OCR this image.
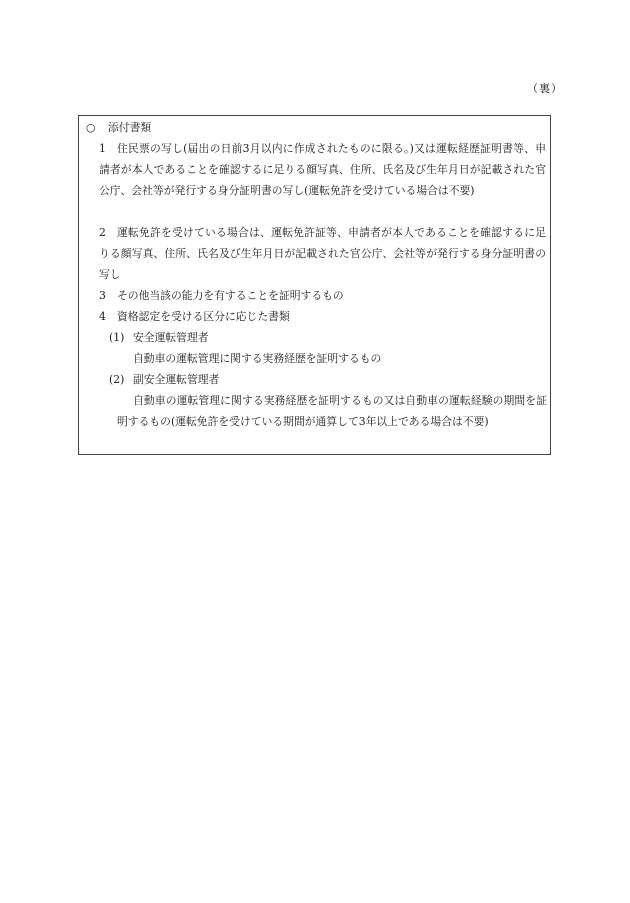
（裏）
○ 添付書類
1	住民票の写し(届出の日前3月以内に作成されたものに限る。)又は運転経歴証明書等、申請者が本人であることを確認するに足りる顔写真、住所、氏名及び生年月日が記載された官公庁、会社等が発行する身分証明書の写し(運転免許を受けている場合は不要)
2	運転免許を受けている場合は、運転免許証等、申請者が本人であることを確認するに足りる顔写真、住所、氏名及び生年月日が記載された官公庁、会社等が発行する身分証明書の写し
3	その他当該の能力を有することを証明するもの
4	資格認定を受ける区分に応じた書類
(1) 安全運転管理者
自動車の運転管理に関する実務経歴を証明するもの
(2) 副安全運転管理者
自動車の運転管理に関する実務経歴を証明するもの又は自動車の運転経験の期間を証明するもの(運転免許を受けている期間が通算して3年以上である場合は不要)
